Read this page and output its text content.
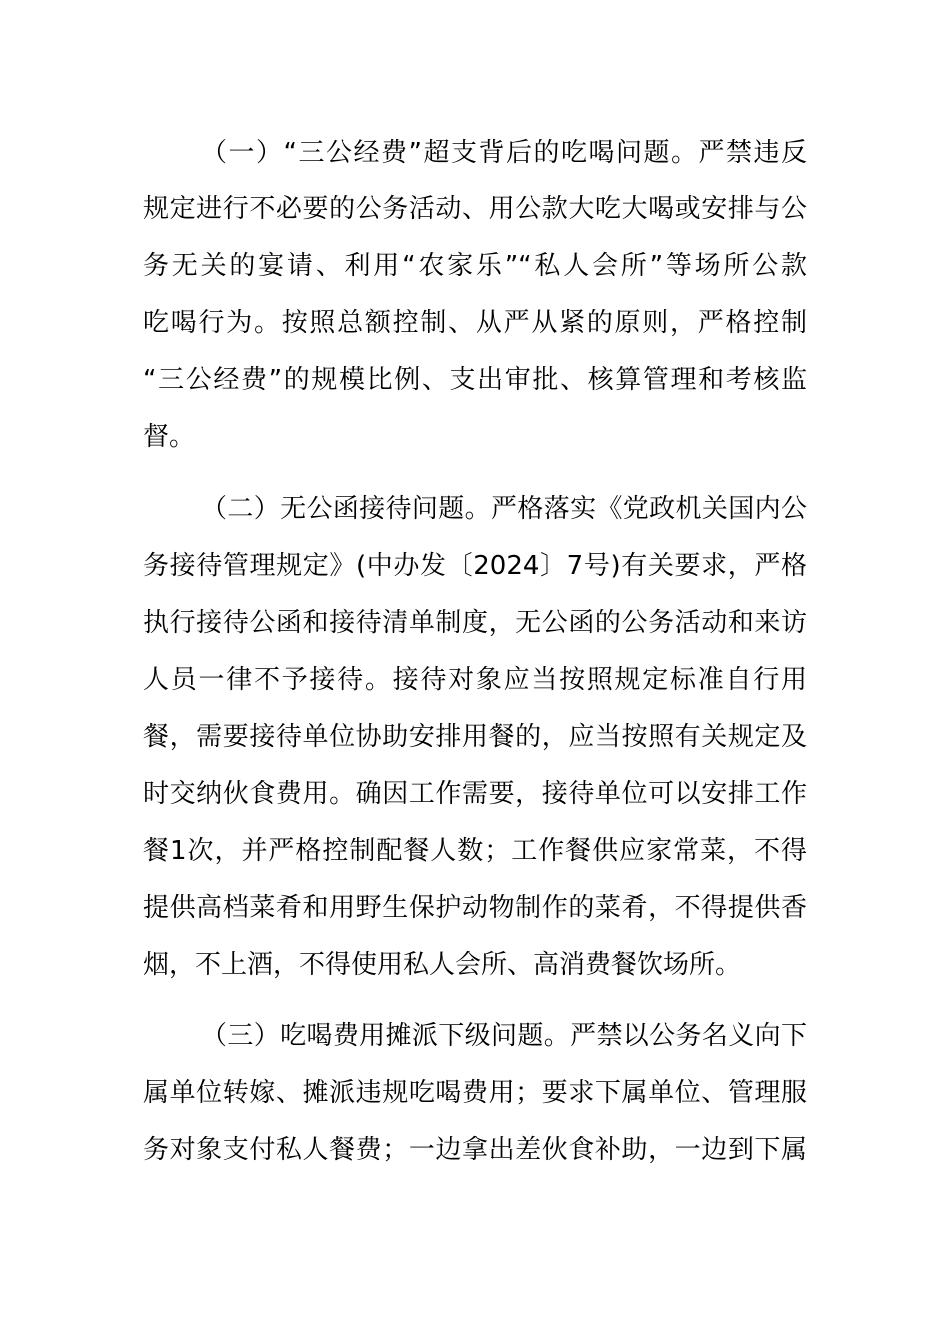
（一）“三公经费”超支背后的吃喝问题。严禁违反
规定进行不必要的公务活动、用公款大吃大喝或安排与公
务无关的宴请、利用“农家乐”“私人会所”等场所公款
吃喝行为。按照总额控制、从严从紧的原则，严格控制
“三公经费”的规模比例、支出审批、核算管理和考核监
督。
（二）无公函接待问题。严格落实《党政机关国内公
务接待管理规定》(中办发〔2024〕7号)有关要求，严格
执行接待公函和接待清单制度，无公函的公务活动和来访
人员一律不予接待。接待对象应当按照规定标准自行用
餐，需要接待单位协助安排用餐的，应当按照有关规定及
时交纳伙食费用。确因工作需要，接待单位可以安排工作
餐1次，并严格控制配餐人数；工作餐供应家常菜，不得
提供高档菜肴和用野生保护动物制作的菜肴，不得提供香
烟，不上酒，不得使用私人会所、高消费餐饮场所。
（三）吃喝费用摊派下级问题。严禁以公务名义向下
属单位转嫁、摊派违规吃喝费用；要求下属单位、管理服
务对象支付私人餐费；一边拿出差伙食补助，一边到下属
